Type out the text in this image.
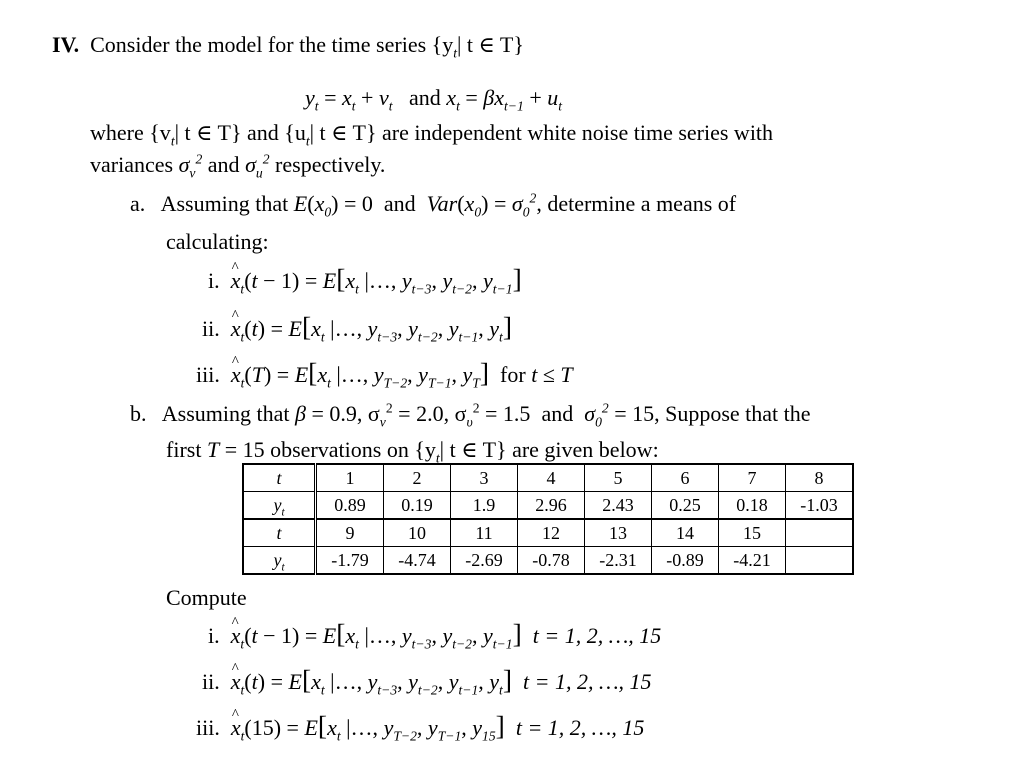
IV. Consider the model for the time series {$y_t|$ t ∈ T}
$y_t = x_t + v_t$ and $x_t = \beta x_{t-1} + u_t$
where {$v_t|$ t ∈ T} and {$u_t|$ t ∈ T} are independent white noise time series with
variances $\sigma_v^2$ and $\sigma_u^2$ respectively.
a. Assuming that $E(x_0) = 0$  and $Var(x_0) = \sigma_0^2$, determine a means of
calculating:
i. ^ $x_t(t - 1) = E[x_t$ |…, $y_{t-3}$, $y_{t-2}$, $y_{t-1}$]
ii. ^ $x_t(t) = E[x_t$ |…, $y_{t-3}$, $y_{t-2}$, $y_{t-1}$, $y_t$]
iii. ^ $x_t(T) = E[x_t$ |…, $y_{T-2}$, $y_{T-1}$, $y_T$] for t ≤ T
b. Assuming that β = 0.9, $\sigma_v^2 = 2.0$, $\sigma_\upsilon^2 = 1.5$ and $\sigma_0^2 = 15$, Suppose that the
first T = 15 observations on {$y_t|$ t ∈ T} are given below:
t	1	2	3	4	5	6	7	8
$y_t$	0.89	0.19	1.9	2.96	2.43	0.25	0.18	-1.03
t	9	10	11	12	13	14	15	
$y_t$	-1.79	-4.74	-2.69	-0.78	-2.31	-0.89	-4.21	
Compute
i. ^ $x_t(t - 1) = E[x_t$ |…, $y_{t-3}$, $y_{t-2}$, $y_{t-1}$] t = 1, 2, …, 15
ii. ^ $x_t(t) = E[x_t$ |…, $y_{t-3}$, $y_{t-2}$, $y_{t-1}$, $y_t$] t = 1, 2, …, 15
iii. ^ $x_t(15) = E[x_t$ |…, $y_{T-2}$, $y_{T-1}$, $y_{15}$] t = 1, 2, …, 15
